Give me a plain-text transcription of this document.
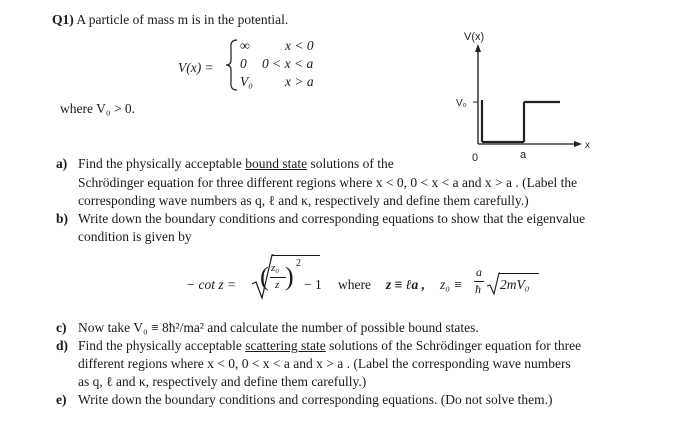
Q1) A particle of mass m is in the potential.
V(x) =
∞	x < 0
0 0 < x < a
V₀ x > a
where V₀ > 0.
V(x)
V₀
0	a
x
a) Find the physically acceptable bound state solutions of the
Schrödinger equation for three different regions where x < 0, 0 < x < a and x > a . (Label the
corresponding wave numbers as q, ℓ and κ, respectively and define them carefully.)
b) Write down the boundary conditions and corresponding equations to show that the eigenvalue
condition is given by
− cot z = ( z₀
z ) 2
− 1 where z ≡ ℓa , z₀ ≡
a
ħ 2mV₀
c) Now take V₀ ≡ 8ħ²/ma² and calculate the number of possible bound states.
d) Find the physically acceptable scattering state solutions of the Schrödinger equation for three
different regions where x < 0, 0 < x < a and x > a . (Label the corresponding wave numbers
as q, ℓ and κ, respectively and define them carefully.)
e) Write down the boundary conditions and corresponding equations. (Do not solve them.)
